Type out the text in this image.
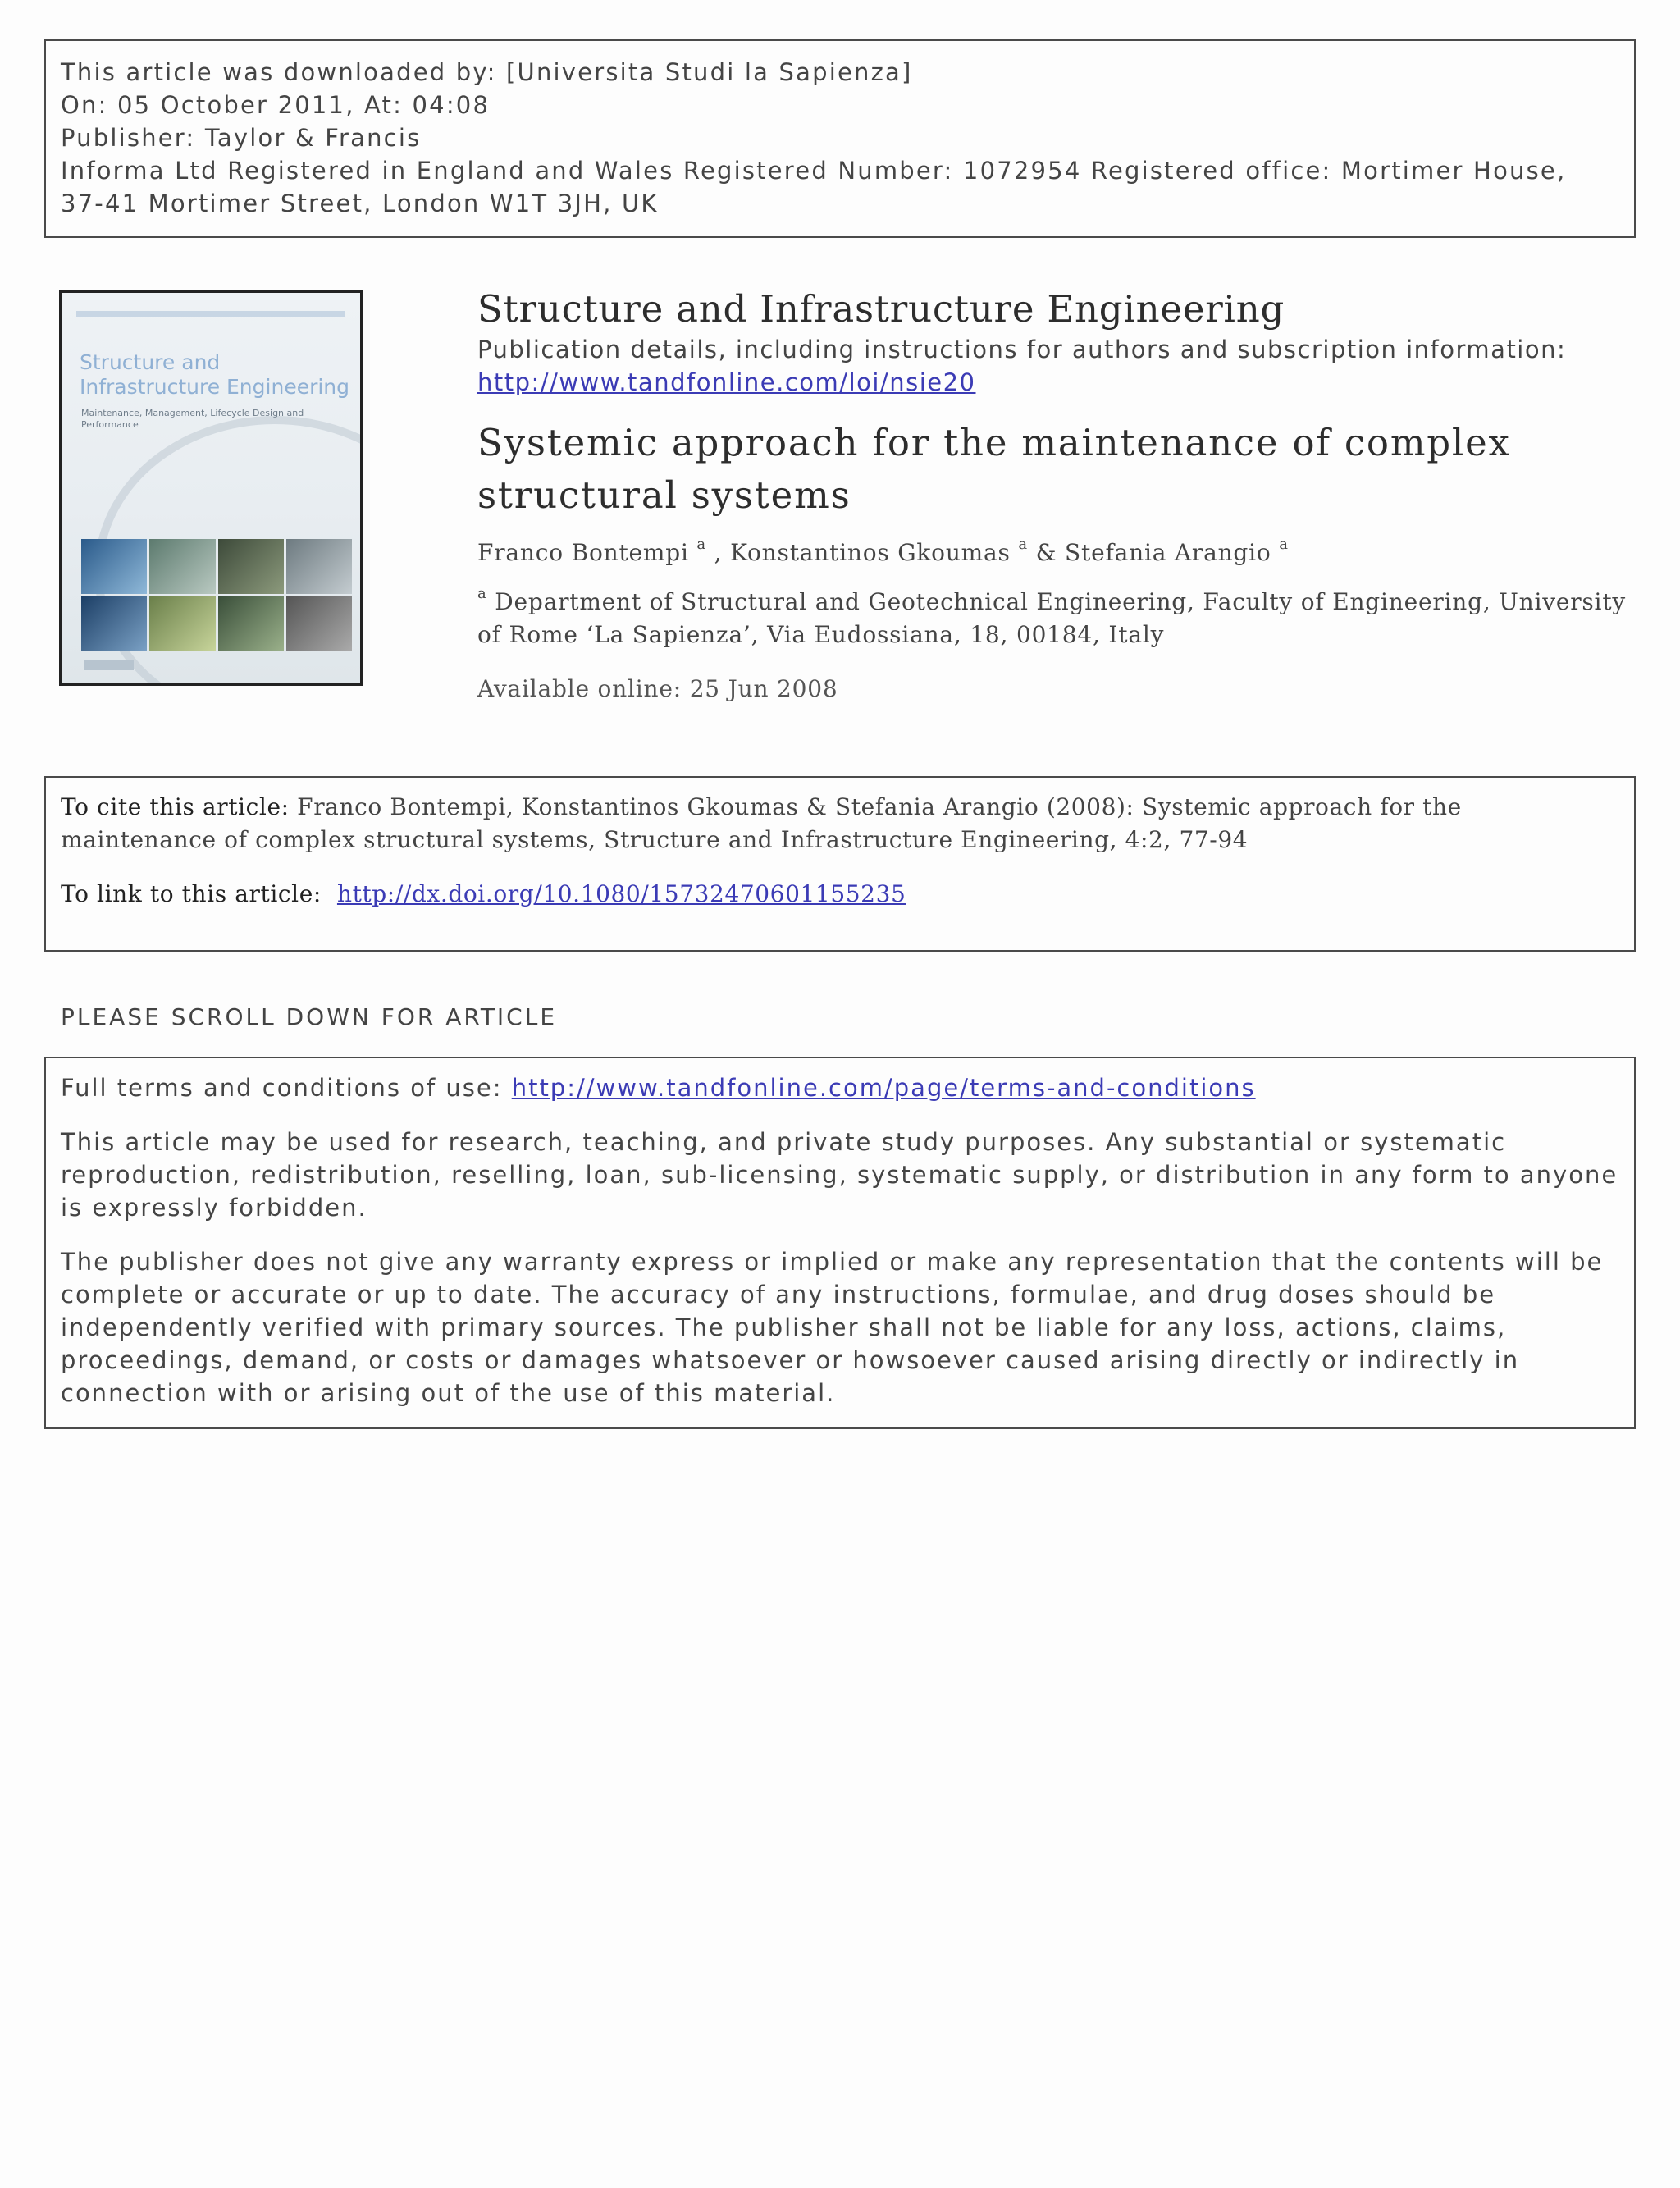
This article was downloaded by: [Universita Studi la Sapienza]
On: 05 October 2011, At: 04:08
Publisher: Taylor & Francis
Informa Ltd Registered in England and Wales Registered Number: 1072954 Registered office: Mortimer House,
37-41 Mortimer Street, London W1T 3JH, UK
Structure and
Infrastructure Engineering
Maintenance, Management, Lifecycle Design and Performance
Structure and Infrastructure Engineering
Publication details, including instructions for authors and subscription information:
http://www.tandfonline.com/loi/nsie20
Systemic approach for the maintenance of complex structural systems
Franco Bontempi $^a$ , Konstantinos Gkoumas $^a$ & Stefania Arangio $^a$
$^a$ Department of Structural and Geotechnical Engineering, Faculty of Engineering, University of Rome ‘La Sapienza’, Via Eudossiana, 18, 00184, Italy
Available online: 25 Jun 2008
To cite this article: Franco Bontempi, Konstantinos Gkoumas & Stefania Arangio (2008): Systemic approach for the maintenance of complex structural systems, Structure and Infrastructure Engineering, 4:2, 77-94
To link to this article: http://dx.doi.org/10.1080/15732470601155235
PLEASE SCROLL DOWN FOR ARTICLE
Full terms and conditions of use: http://www.tandfonline.com/page/terms-and-conditions
This article may be used for research, teaching, and private study purposes. Any substantial or systematic reproduction, redistribution, reselling, loan, sub-licensing, systematic supply, or distribution in any form to anyone is expressly forbidden.
The publisher does not give any warranty express or implied or make any representation that the contents will be complete or accurate or up to date. The accuracy of any instructions, formulae, and drug doses should be independently verified with primary sources. The publisher shall not be liable for any loss, actions, claims, proceedings, demand, or costs or damages whatsoever or howsoever caused arising directly or indirectly in connection with or arising out of the use of this material.
